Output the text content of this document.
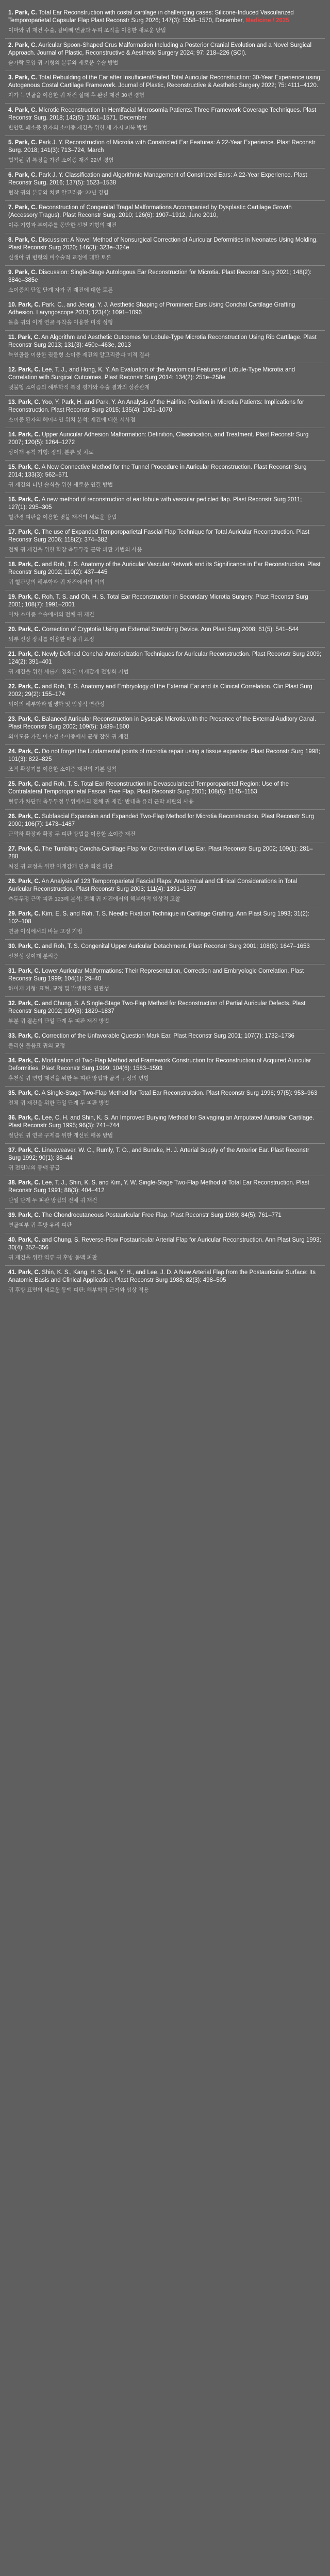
1. Park, C. Total Ear Reconstruction with costal cartilage in challenging cases: Silicone-Induced Vascularized Temporoparietal Capsular Flap Plast Reconstr Surg 2026; 147(3): 1558–1570, December, Medicine / 2025

이마와 귀 재건 수술, 갈비뼈 연골과 두피 조직을 이용한 새로운 방법

2. Park, C. Auricular Spoon-Shaped Crus Malformation Including a Posterior Cranial Evolution and a Novel Surgical Approach. Journal of Plastic, Reconstructive & Aesthetic Surgery 2024; 97: 218–226 (SCI).

숟가락 모양 귀 기형의 분류와 새로운 수술 방법

3. Park, C. Total Rebuilding of the Ear after Insufficient/Failed Total Auricular Reconstruction: 30-Year Experience using Autogenous Costal Cartilage Framework. Journal of Plastic, Reconstructive & Aesthetic Surgery 2022; 75: 4111–4120.

자가 늑연골을 이용한 귀 재건 실패 후 완전 재건 30년 경험

4. Park, C. Microtic Reconstruction in Hemifacial Microsomia Patients: Three Framework Coverage Techniques. Plast Reconstr Surg. 2018; 142(5): 1551–1571, December

반안면 왜소증 환자의 소이증 재건을 위한 세 가지 피복 방법

5. Park, C. Park J. Y. Reconstruction of Microtia with Constricted Ear Features: A 22-Year Experience. Plast Reconstr Surg. 2018; 141(3): 713–724, March

협착된 귀 특징을 가진 소이증 재건 22년 경험

6. Park, C. Park J. Y. Classification and Algorithmic Management of Constricted Ears: A 22-Year Experience. Plast Reconstr Surg. 2016; 137(5): 1523–1538

협착 귀의 분류와 치료 알고리즘: 22년 경험

7. Park, C. Reconstruction of Congenital Tragal Malformations Accompanied by Dysplastic Cartilage Growth (Accessory Tragus). Plast Reconstr Surg. 2010; 126(6): 1907–1912, June 2010,

이주 기형과 부이주를 동반한 선천 기형의 재건

8. Park, C. Discussion: A Novel Method of Nonsurgical Correction of Auricular Deformities in Neonates Using Molding. Plast Reconstr Surg 2020; 146(3): 323e–324e

신생아 귀 변형의 비수술적 교정에 대한 토론

9. Park, C. Discussion: Single-Stage Autologous Ear Reconstruction for Microtia. Plast Reconstr Surg 2021; 148(2): 384e–385e

소이증의 단일 단계 자가 귀 재건에 대한 토론

10. Park, C. Park, C., and Jeong, Y. J. Aesthetic Shaping of Prominent Ears Using Conchal Cartilage Grafting Adhesion. Laryngoscope 2013; 123(4): 1091–1096

돌출 귀의 이개 연골 유착을 이용한 미적 성형

11. Park, C. An Algorithm and Aesthetic Outcomes for Lobule-Type Microtia Reconstruction Using Rib Cartilage. Plast Reconstr Surg 2013; 131(3): 450e–463e, 2013

늑연골을 이용한 귓불형 소이증 재건의 알고리즘과 미적 결과

12. Park, C. Lee, T. J., and Hong, K. Y. An Evaluation of the Anatomical Features of Lobule-Type Microtia and Correlation with Surgical Outcomes. Plast Reconstr Surg 2014; 134(2): 251e–258e

귓불형 소이증의 해부학적 특징 평가와 수술 결과의 상관관계

13. Park, C. Yoo, Y. Park, H. and Park, Y. An Analysis of the Hairline Position in Microtia Patients: Implications for Reconstruction. Plast Reconstr Surg 2015; 135(4): 1061–1070

소이증 환자의 헤어라인 위치 분석: 재건에 대한 시사점

14. Park, C. Upper Auricular Adhesion Malformation: Definition, Classification, and Treatment. Plast Reconstr Surg 2007; 120(5): 1264–1272

상이개 유착 기형: 정의, 분류 및 치료

15. Park, C. A New Connective Method for the Tunnel Procedure in Auricular Reconstruction. Plast Reconstr Surg 2014; 133(3): 562–571

귀 재건의 터널 술식을 위한 새로운 연결 방법

16. Park, C. A new method of reconstruction of ear lobule with vascular pedicled flap. Plast Reconstr Surg 2011; 127(1): 295–305

혈관경 피판을 이용한 귓불 재건의 새로운 방법

17. Park, C. The use of Expanded Temporoparietal Fascial Flap Technique for Total Auricular Reconstruction. Plast Reconstr Surg 2006; 118(2): 374–382

전체 귀 재건을 위한 확장 측두두정 근막 피판 기법의 사용

18. Park, C. and Roh, T. S. Anatomy of the Auricular Vascular Network and its Significance in Ear Reconstruction. Plast Reconstr Surg 2002; 110(2): 437–445

귀 혈관망의 해부학과 귀 재건에서의 의의

19. Park, C. Roh, T. S. and Oh, H. S. Total Ear Reconstruction in Secondary Microtia Surgery. Plast Reconstr Surg 2001; 108(7): 1991–2001

이차 소이증 수술에서의 전체 귀 재건

20. Park, C. Correction of Cryptotia Using an External Stretching Device. Ann Plast Surg 2008; 61(5): 541–544

외부 신장 장치를 이용한 매몰귀 교정

21. Park, C. Newly Defined Conchal Anteriorization Techniques for Auricular Reconstruction. Plast Reconstr Surg 2009; 124(2): 391–401

귀 재건을 위한 새롭게 정의된 이개갑개 전방화 기법

22. Park, C. and Roh, T. S. Anatomy and Embryology of the External Ear and its Clinical Correlation. Clin Plast Surg 2002; 29(2): 155–174

외이의 해부학과 발생학 및 임상적 연관성

23. Park, C. Balanced Auricular Reconstruction in Dystopic Microtia with the Presence of the External Auditory Canal. Plast Reconstr Surg 2002; 109(5): 1489–1500

외이도를 가진 이소성 소이증에서 균형 잡힌 귀 재건

24. Park, C. Do not forget the fundamental points of microtia repair using a tissue expander. Plast Reconstr Surg 1998; 101(3): 822–825

조직 확장기를 이용한 소이증 재건의 기본 원칙

25. Park, C. and Roh, T. S. Total Ear Reconstruction in Devascularized Temporoparietal Region: Use of the Contralateral Temporoparietal Fascial Free Flap. Plast Reconstr Surg 2001; 108(5): 1145–1153

혈류가 차단된 측두두정 부위에서의 전체 귀 재건: 반대측 유리 근막 피판의 사용

26. Park, C. Subfascial Expansion and Expanded Two-Flap Method for Microtia Reconstruction. Plast Reconstr Surg 2000; 106(7): 1473–1487

근막하 확장과 확장 두 피판 방법을 이용한 소이증 재건

27. Park, C. The Tumbling Concha-Cartilage Flap for Correction of Lop Ear. Plast Reconstr Surg 2002; 109(1): 281–288

처진 귀 교정을 위한 이개갑개 연골 회전 피판

28. Park, C. An Analysis of 123 Temporoparietal Fascial Flaps: Anatomical and Clinical Considerations in Total Auricular Reconstruction. Plast Reconstr Surg 2003; 111(4): 1391–1397

측두두정 근막 피판 123예 분석: 전체 귀 재건에서의 해부학적 임상적 고찰

29. Park, C. Kim, E. S. and Roh, T. S. Needle Fixation Technique in Cartilage Grafting. Ann Plast Surg 1993; 31(2): 102–108

연골 이식에서의 바늘 고정 기법

30. Park, C. and Roh, T. S. Congenital Upper Auricular Detachment. Plast Reconstr Surg 2001; 108(6): 1647–1653

선천성 상이개 분리증

31. Park, C. Lower Auricular Malformations: Their Representation, Correction and Embryologic Correlation. Plast Reconstr Surg 1999; 104(1): 29–40

하이개 기형: 표현, 교정 및 발생학적 연관성

32. Park, C. and Chung, S. A Single-Stage Two-Flap Method for Reconstruction of Partial Auricular Defects. Plast Reconstr Surg 2002; 109(6): 1829–1837

부분 귀 결손의 단일 단계 두 피판 재건 방법

33. Park, C. Correction of the Unfavorable Question Mark Ear. Plast Reconstr Surg 2001; 107(7): 1732–1736

불리한 물음표 귀의 교정

34. Park, C. Modification of Two-Flap Method and Framework Construction for Reconstruction of Acquired Auricular Deformities. Plast Reconstr Surg 1999; 104(6): 1583–1593

후천성 귀 변형 재건을 위한 두 피판 방법과 골격 구성의 변형

35. Park, C. A Single-Stage Two-Flap Method for Total Ear Reconstruction. Plast Reconstr Surg 1996; 97(5): 953–963

전체 귀 재건을 위한 단일 단계 두 피판 방법

36. Park, C. Lee, C. H. and Shin, K. S. An Improved Burying Method for Salvaging an Amputated Auricular Cartilage. Plast Reconstr Surg 1995; 96(3): 741–744

절단된 귀 연골 구제를 위한 개선된 매몰 방법

37. Park, C. Lineaweaver, W. C., Rumly, T. O., and Buncke, H. J. Arterial Supply of the Anterior Ear. Plast Reconstr Surg 1992; 90(1): 38–44

귀 전면부의 동맥 공급

38. Park, C. Lee, T. J., Shin, K. S. and Kim, Y. W. Single-Stage Two-Flap Method of Total Ear Reconstruction. Plast Reconstr Surg 1991; 88(3): 404–412

단일 단계 두 피판 방법의 전체 귀 재건

39. Park, C. The Chondrocutaneous Postauricular Free Flap. Plast Reconstr Surg 1989; 84(5): 761–771

연골피부 귀 후방 유리 피판

40. Park, C. and Chung, S. Reverse-Flow Postauricular Arterial Flap for Auricular Reconstruction. Ann Plast Surg 1993; 30(4): 352–356

귀 재건을 위한 역류 귀 후방 동맥 피판

41. Park, C. Shin, K. S., Kang, H. S., Lee, Y. H., and Lee, J. D. A New Arterial Flap from the Postauricular Surface: Its Anatomic Basis and Clinical Application. Plast Reconstr Surg 1988; 82(3): 498–505

귀 후방 표면의 새로운 동맥 피판: 해부학적 근거와 임상 적용
